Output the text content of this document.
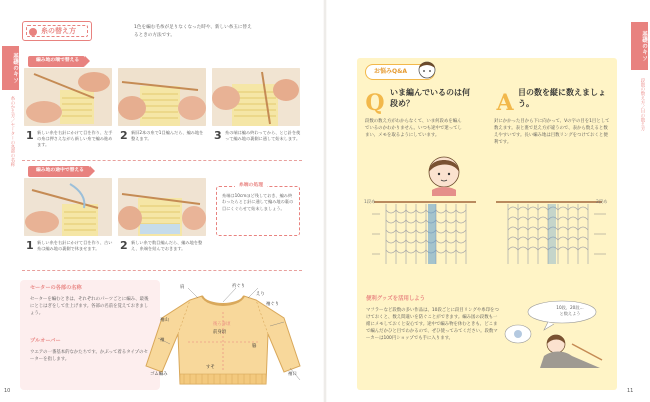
基礎のキソ
糸のかえ方／セーターの各部の名称
糸の替え方	1色を編む毛糸が足りなくなった時や、新しい糸玉に替えるときの方法です。
編み地の端で替える
1 新しい糸を右針にかけて目を作り、左手の糸は押さえながら新しい糸で編み進めます。
2 新旧2本の糸で1目編んだら、編み地を整えます。	3 糸の端は編み終わってから、とじ針を使って編み地の裏側に通して始末します。
編み地の途中で替える
1 新しい糸を右針にかけて目を作り、古い糸は編み地の裏側で休ませます。	2 新しい糸で数目編んだら、編み地を整え、糸端を結んでおきます。
糸端の処理
糸端は10cmほど残しておき、編み終わったらとじ針に通して編み地の裏の目にくぐらせて始末しましょう。
セーターの各部の名称
セーターを編むときは、それぞれのパーツごとに編み、最後にとじはぎをして仕上げます。各部の名前を覚えておきましょう。
プルオーバー
ウエアの一番基本的なかたちです。かぶって着るタイプのセーターを指します。
衿ぐり
えり
肩
袖ぐり
前身頃
後ろ身頃
袖
袖山
脇
袖口
すそ
ゴム編み
10
基礎のキソ
段数の数え方／目の数え方
11
お悩みQ&A
Q いま編んでいるのは何段め？
段数の数え方がわからなくて、いま何段めを編んでいるのかわかりません。いつも途中で迷ってしまい、メモを取るようにしています。
A 目の数を縦に数えましょう。
針にかかった目から下に向かって、Vの字の目を1目として数えます。表と裏で見え方が違うので、表から数えると数えやすいです。長い編み地は目数リングをつけておくと便利です。
1段め	2段め
便利グッズを活用しよう
マフラーなど段数の多い作品は、10段ごとに段目リングや糸印をつけておくと、数え間違いを防ぐことができます。編み図の段数も一緒にメモしておくと安心です。途中で編み物を休むときも、どこまで編んだかひと目でわかるので、ぜひ使ってみてください。段数マーカーは100円ショップでも手に入ります。
10段、20段…
と数えよう
